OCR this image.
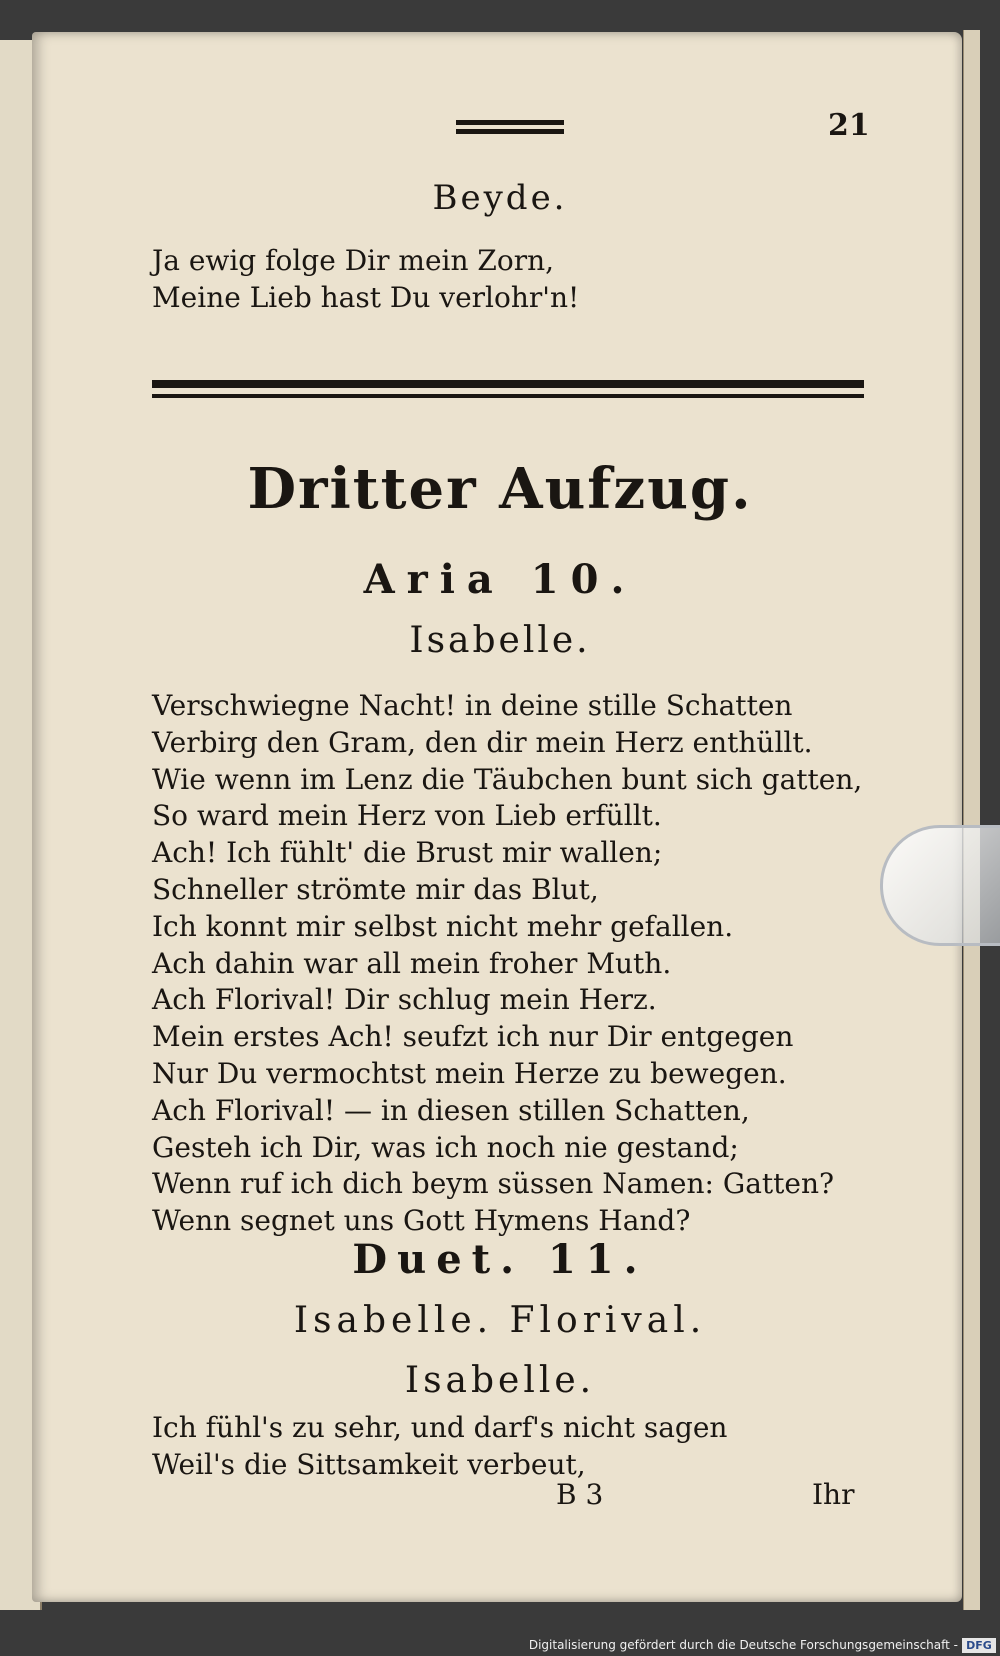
21
Beyde.
Ja ewig folge Dir mein Zorn,
Meine Lieb hast Du verlohr'n!
Dritter Aufzug.
Aria 10.
Isabelle.
Verschwiegne Nacht! in deine stille Schatten
Verbirg den Gram, den dir mein Herz enthüllt.
Wie wenn im Lenz die Täubchen bunt sich gatten,
So ward mein Herz von Lieb erfüllt.
Ach! Ich fühlt' die Brust mir wallen;
Schneller strömte mir das Blut,
Ich konnt mir selbst nicht mehr gefallen.
Ach dahin war all mein froher Muth.
Ach Florival! Dir schlug mein Herz.
Mein erstes Ach! seufzt ich nur Dir entgegen
Nur Du vermochtst mein Herze zu bewegen.
Ach Florival! — in diesen stillen Schatten,
Gesteh ich Dir, was ich noch nie gestand;
Wenn ruf ich dich beym süssen Namen: Gatten?
Wenn segnet uns Gott Hymens Hand?
Duet. 11.
Isabelle. Florival.
Isabelle.
Ich fühl's zu sehr, und darf's nicht sagen
Weil's die Sittsamkeit verbeut,
B 3	Ihr
Digitalisierung gefördert durch die Deutsche Forschungsgemeinschaft - DFG
